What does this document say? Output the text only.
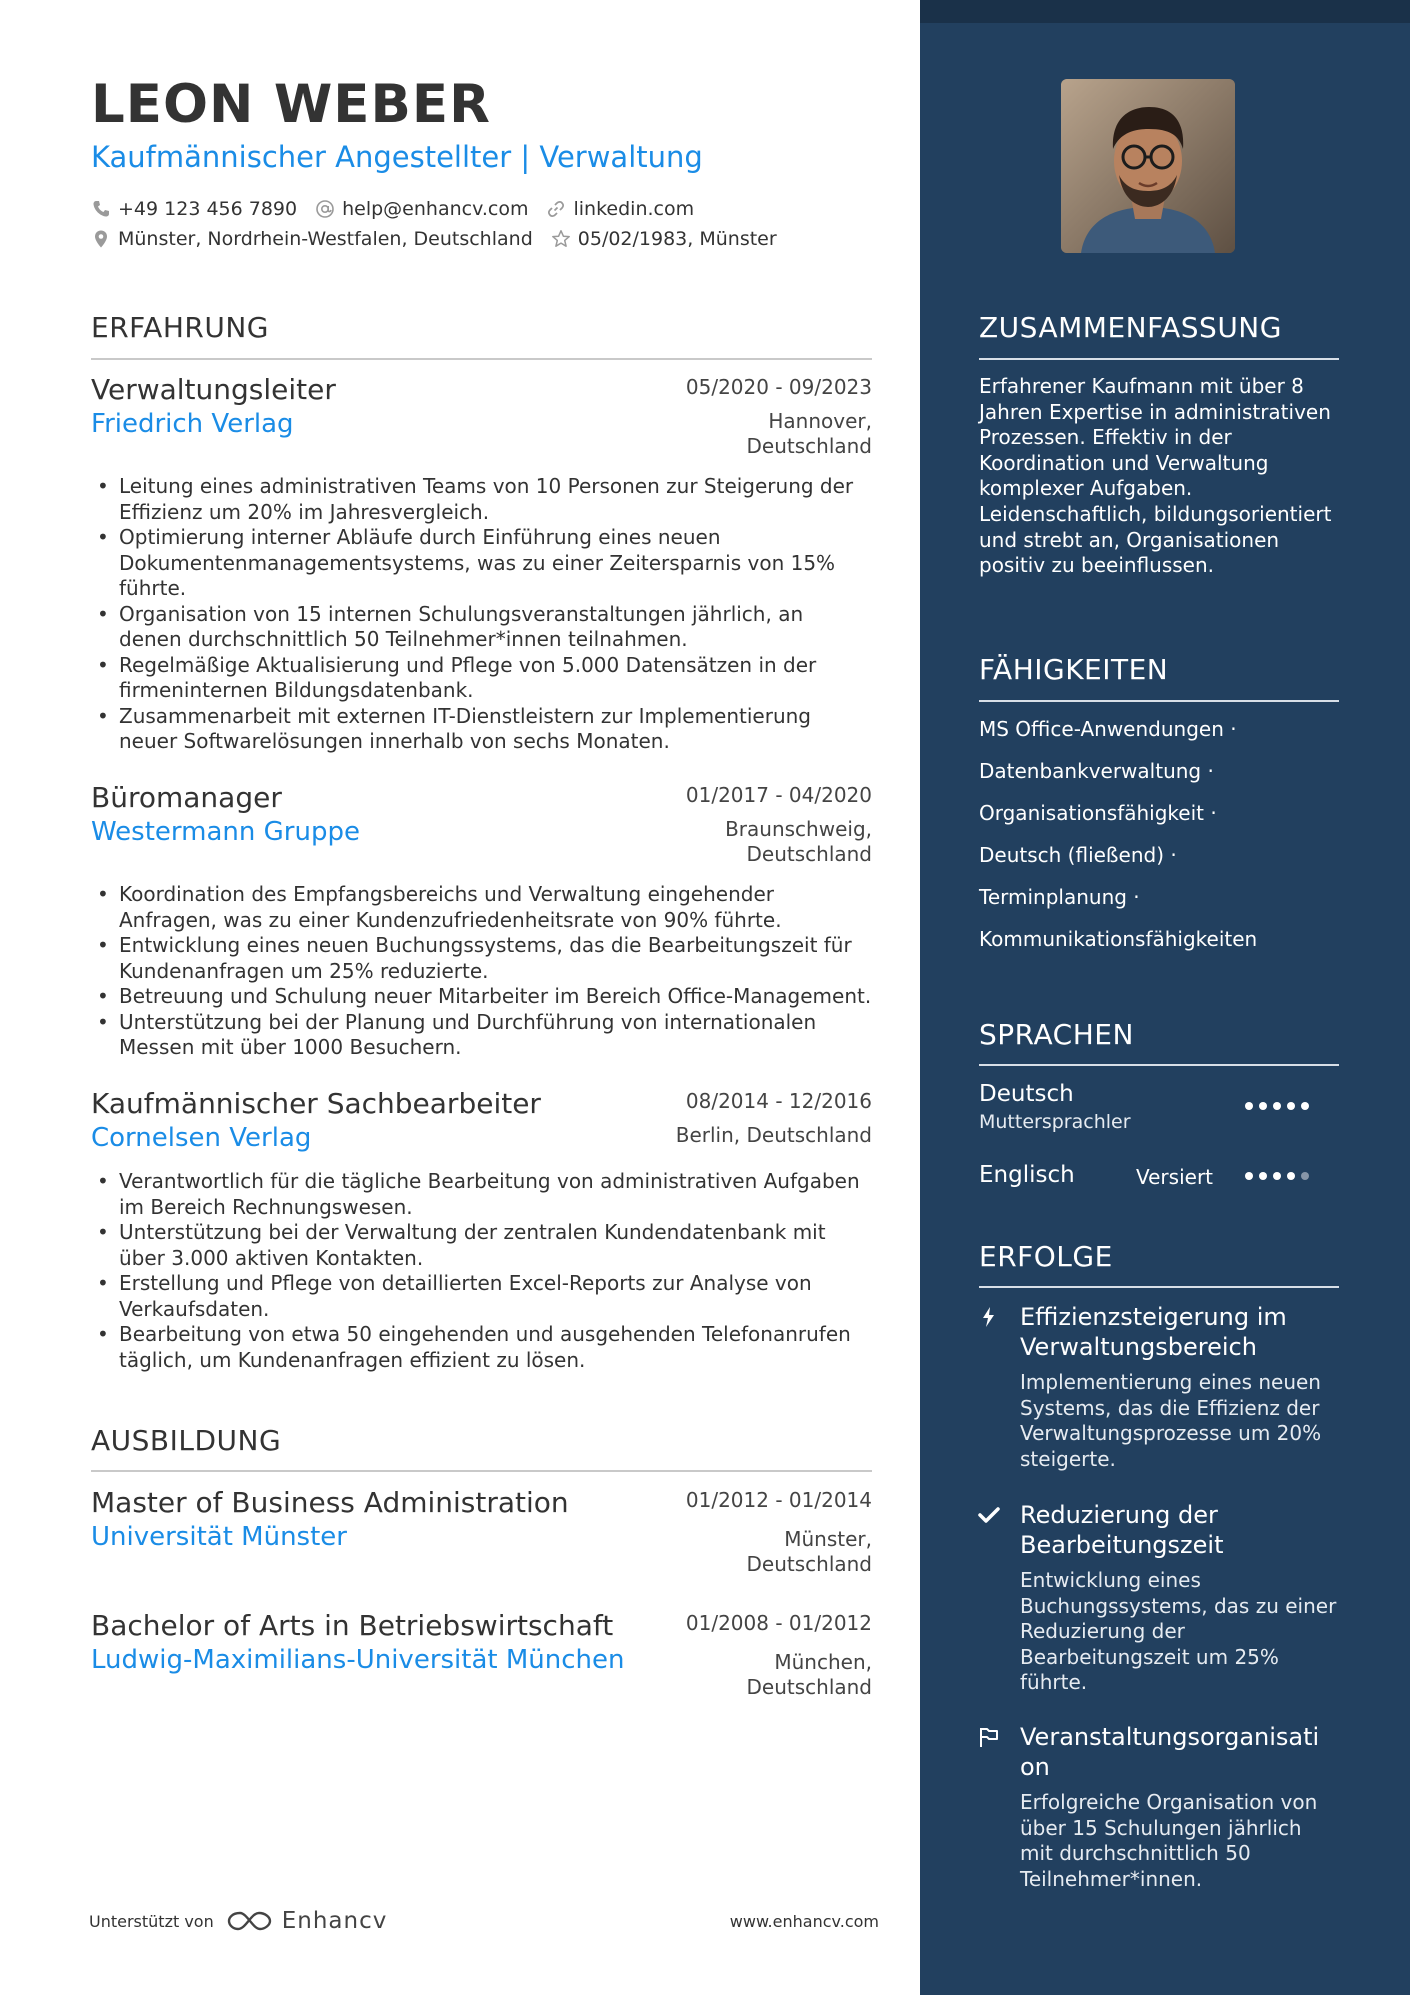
LEON WEBER
Kaufmännischer Angestellter | Verwaltung
+49 123 456 7890 help@enhancv.com linkedin.com
Münster, Nordrhein-Westfalen, Deutschland 05/02/1983, Münster
ERFAHRUNG
Verwaltungsleiter	05/2020 - 09/2023
Friedrich Verlag	Hannover,
Deutschland
• Leitung eines administrativen Teams von 10 Personen zur Steigerung der Effizienz um 20% im Jahresvergleich.
• Optimierung interner Abläufe durch Einführung eines neuen Dokumentenmanagementsystems, was zu einer Zeitersparnis von 15% führte.
• Organisation von 15 internen Schulungsveranstaltungen jährlich, an denen durchschnittlich 50 Teilnehmer*innen teilnahmen.
• Regelmäßige Aktualisierung und Pflege von 5.000 Datensätzen in der firmeninternen Bildungsdatenbank.
• Zusammenarbeit mit externen IT-Dienstleistern zur Implementierung neuer Softwarelösungen innerhalb von sechs Monaten.
Büromanager	01/2017 - 04/2020
Westermann Gruppe	Braunschweig,
Deutschland
• Koordination des Empfangsbereichs und Verwaltung eingehender Anfragen, was zu einer Kundenzufriedenheitsrate von 90% führte.
• Entwicklung eines neuen Buchungssystems, das die Bearbeitungszeit für Kundenanfragen um 25% reduzierte.
• Betreuung und Schulung neuer Mitarbeiter im Bereich Office-Management.
• Unterstützung bei der Planung und Durchführung von internationalen Messen mit über 1000 Besuchern.
Kaufmännischer Sachbearbeiter	08/2014 - 12/2016
Cornelsen Verlag	Berlin, Deutschland
• Verantwortlich für die tägliche Bearbeitung von administrativen Aufgaben im Bereich Rechnungswesen.
• Unterstützung bei der Verwaltung der zentralen Kundendatenbank mit über 3.000 aktiven Kontakten.
• Erstellung und Pflege von detaillierten Excel-Reports zur Analyse von Verkaufsdaten.
• Bearbeitung von etwa 50 eingehenden und ausgehenden Telefonanrufen täglich, um Kundenanfragen effizient zu lösen.
AUSBILDUNG
Master of Business Administration	01/2012 - 01/2014
Universität Münster	Münster,
Deutschland
Bachelor of Arts in Betriebswirtschaft	01/2008 - 01/2012
Ludwig-Maximilians-Universität München	München,
Deutschland
Unterstützt von	Enhancv	www.enhancv.com
ZUSAMMENFASSUNG
Erfahrener Kaufmann mit über 8 Jahren Expertise in administrativen Prozessen. Effektiv in der Koordination und Verwaltung komplexer Aufgaben. Leidenschaftlich, bildungsorientiert und strebt an, Organisationen positiv zu beeinflussen.
FÄHIGKEITEN
MS Office-Anwendungen ·
Datenbankverwaltung ·
Organisationsfähigkeit ·
Deutsch (fließend) ·
Terminplanung ·
Kommunikationsfähigkeiten
SPRACHEN
Deutsch
Muttersprachler
Englisch	Versiert
ERFOLGE
Effizienzsteigerung im Verwaltungsbereich
Implementierung eines neuen Systems, das die Effizienz der Verwaltungsprozesse um 20% steigerte.
Reduzierung der Bearbeitungszeit
Entwicklung eines Buchungssystems, das zu einer Reduzierung der Bearbeitungszeit um 25% führte.
Veranstaltungsorganisati on
Erfolgreiche Organisation von über 15 Schulungen jährlich mit durchschnittlich 50 Teilnehmer*innen.
